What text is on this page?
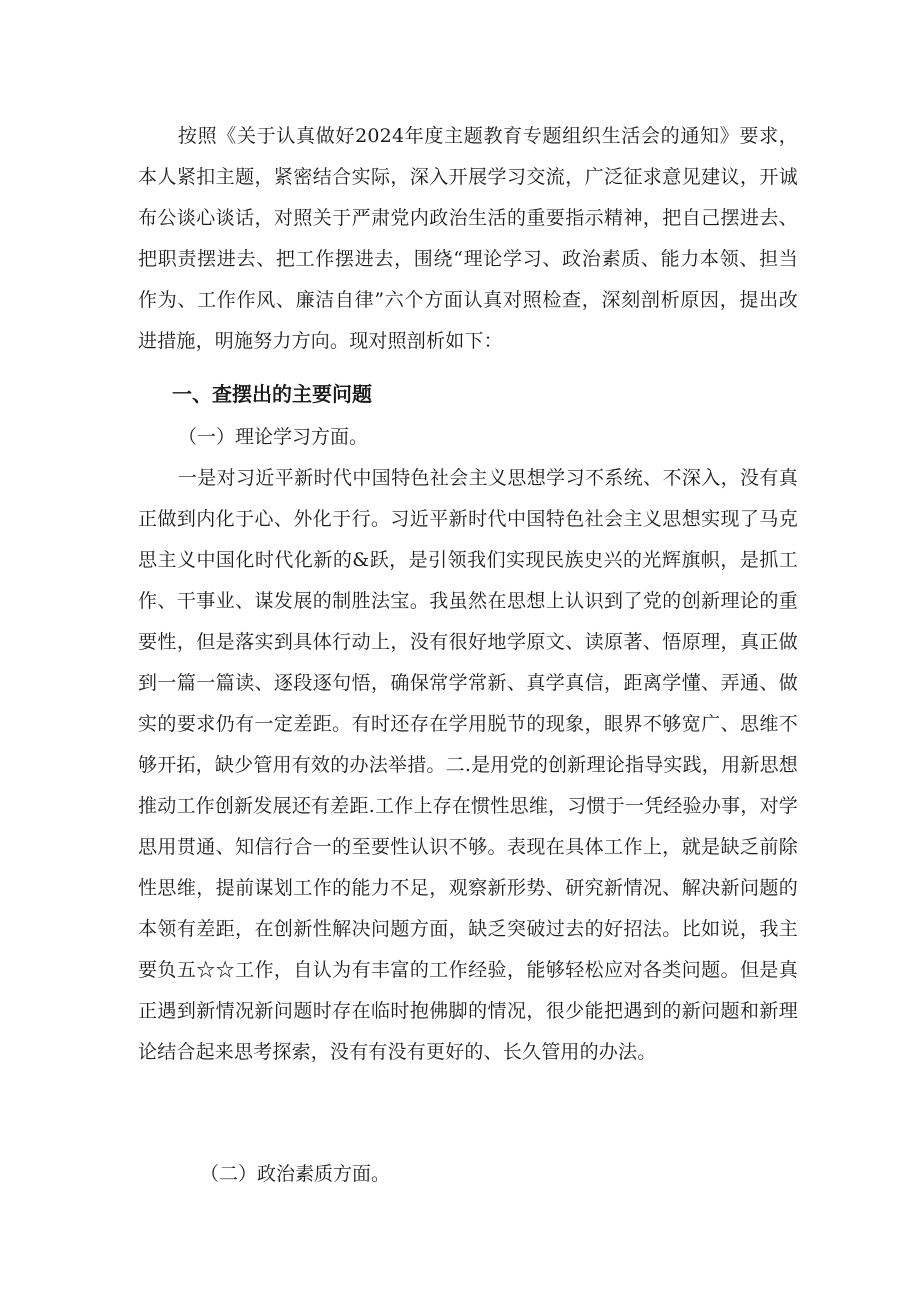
按照《关于认真做好2024年度主题教育专题组织生活会的通知》要求，本人紧扣主题，紧密结合实际，深入开展学习交流，广泛征求意见建议，开诚布公谈心谈话，对照关于严肃党内政治生活的重要指示精神，把自己摆进去、把职责摆进去、把工作摆进去，围绕“理论学习、政治素质、能力本领、担当作为、工作作风、廉洁自律”六个方面认真对照检查，深刻剖析原因，提出改进措施，明施努力方向。现对照剖析如下：

一、查摆出的主要问题

（一）理论学习方面。

一是对习近平新时代中国特色社会主义思想学习不系统、不深入，没有真正做到内化于心、外化于行。习近平新时代中国特色社会主义思想实现了马克思主义中国化时代化新的&跃，是引领我们实现民族史兴的光辉旗帜，是抓工作、干事业、谋发展的制胜法宝。我虽然在思想上认识到了党的创新理论的重要性，但是落实到具体行动上，没有很好地学原文、读原著、悟原理，真正做到一篇一篇读、逐段逐句悟，确保常学常新、真学真信，距离学懂、弄通、做实的要求仍有一定差距。有时还存在学用脱节的现象，眼界不够宽广、思维不够开拓，缺少管用有效的办法举措。二.是用党的创新理论指导实践，用新思想推动工作创新发展还有差距.工作上存在惯性思维，习惯于一凭经验办事，对学思用贯通、知信行合一的至要性认识不够。表现在具体工作上，就是缺乏前除性思维，提前谋划工作的能力不足，观察新形势、研究新情况、解决新问题的本领有差距，在创新性解决问题方面，缺乏突破过去的好招法。比如说，我主要负五☆☆工作，自认为有丰富的工作经验，能够轻松应对各类问题。但是真正遇到新情况新问题时存在临时抱佛脚的情况，很少能把遇到的新问题和新理论结合起来思考探索，没有有没有更好的、长久管用的办法。

（二）政治素质方面。
